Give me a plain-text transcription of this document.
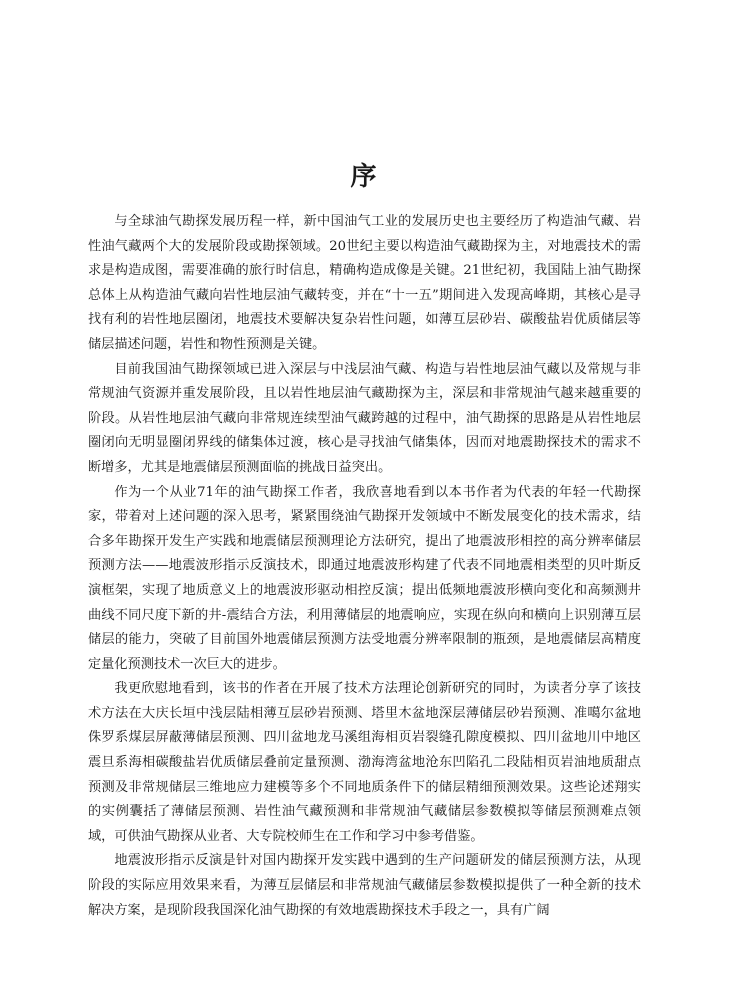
序

与全球油气勘探发展历程一样，新中国油气工业的发展历史也主要经历了构造油气藏、岩性油气藏两个大的发展阶段或勘探领域。20世纪主要以构造油气藏勘探为主，对地震技术的需求是构造成图，需要准确的旅行时信息，精确构造成像是关键。21世纪初，我国陆上油气勘探总体上从构造油气藏向岩性地层油气藏转变，并在“十一五”期间进入发现高峰期，其核心是寻找有利的岩性地层圈闭，地震技术要解决复杂岩性问题，如薄互层砂岩、碳酸盐岩优质储层等储层描述问题，岩性和物性预测是关键。

目前我国油气勘探领域已进入深层与中浅层油气藏、构造与岩性地层油气藏以及常规与非常规油气资源并重发展阶段，且以岩性地层油气藏勘探为主，深层和非常规油气越来越重要的阶段。从岩性地层油气藏向非常规连续型油气藏跨越的过程中，油气勘探的思路是从岩性地层圈闭向无明显圈闭界线的储集体过渡，核心是寻找油气储集体，因而对地震勘探技术的需求不断增多，尤其是地震储层预测面临的挑战日益突出。

作为一个从业71年的油气勘探工作者，我欣喜地看到以本书作者为代表的年轻一代勘探家，带着对上述问题的深入思考，紧紧围绕油气勘探开发领域中不断发展变化的技术需求，结合多年勘探开发生产实践和地震储层预测理论方法研究，提出了地震波形相控的高分辨率储层预测方法——地震波形指示反演技术，即通过地震波形构建了代表不同地震相类型的贝叶斯反演框架，实现了地质意义上的地震波形驱动相控反演；提出低频地震波形横向变化和高频测井曲线不同尺度下新的井-震结合方法，利用薄储层的地震响应，实现在纵向和横向上识别薄互层储层的能力，突破了目前国外地震储层预测方法受地震分辨率限制的瓶颈，是地震储层高精度定量化预测技术一次巨大的进步。

我更欣慰地看到，该书的作者在开展了技术方法理论创新研究的同时，为读者分享了该技术方法在大庆长垣中浅层陆相薄互层砂岩预测、塔里木盆地深层薄储层砂岩预测、准噶尔盆地侏罗系煤层屏蔽薄储层预测、四川盆地龙马溪组海相页岩裂缝孔隙度模拟、四川盆地川中地区震旦系海相碳酸盐岩优质储层叠前定量预测、渤海湾盆地沧东凹陷孔二段陆相页岩油地质甜点预测及非常规储层三维地应力建模等多个不同地质条件下的储层精细预测效果。这些论述翔实的实例囊括了薄储层预测、岩性油气藏预测和非常规油气藏储层参数模拟等储层预测难点领域，可供油气勘探从业者、大专院校师生在工作和学习中参考借鉴。

地震波形指示反演是针对国内勘探开发实践中遇到的生产问题研发的储层预测方法，从现阶段的实际应用效果来看，为薄互层储层和非常规油气藏储层参数模拟提供了一种全新的技术解决方案，是现阶段我国深化油气勘探的有效地震勘探技术手段之一，具有广阔
